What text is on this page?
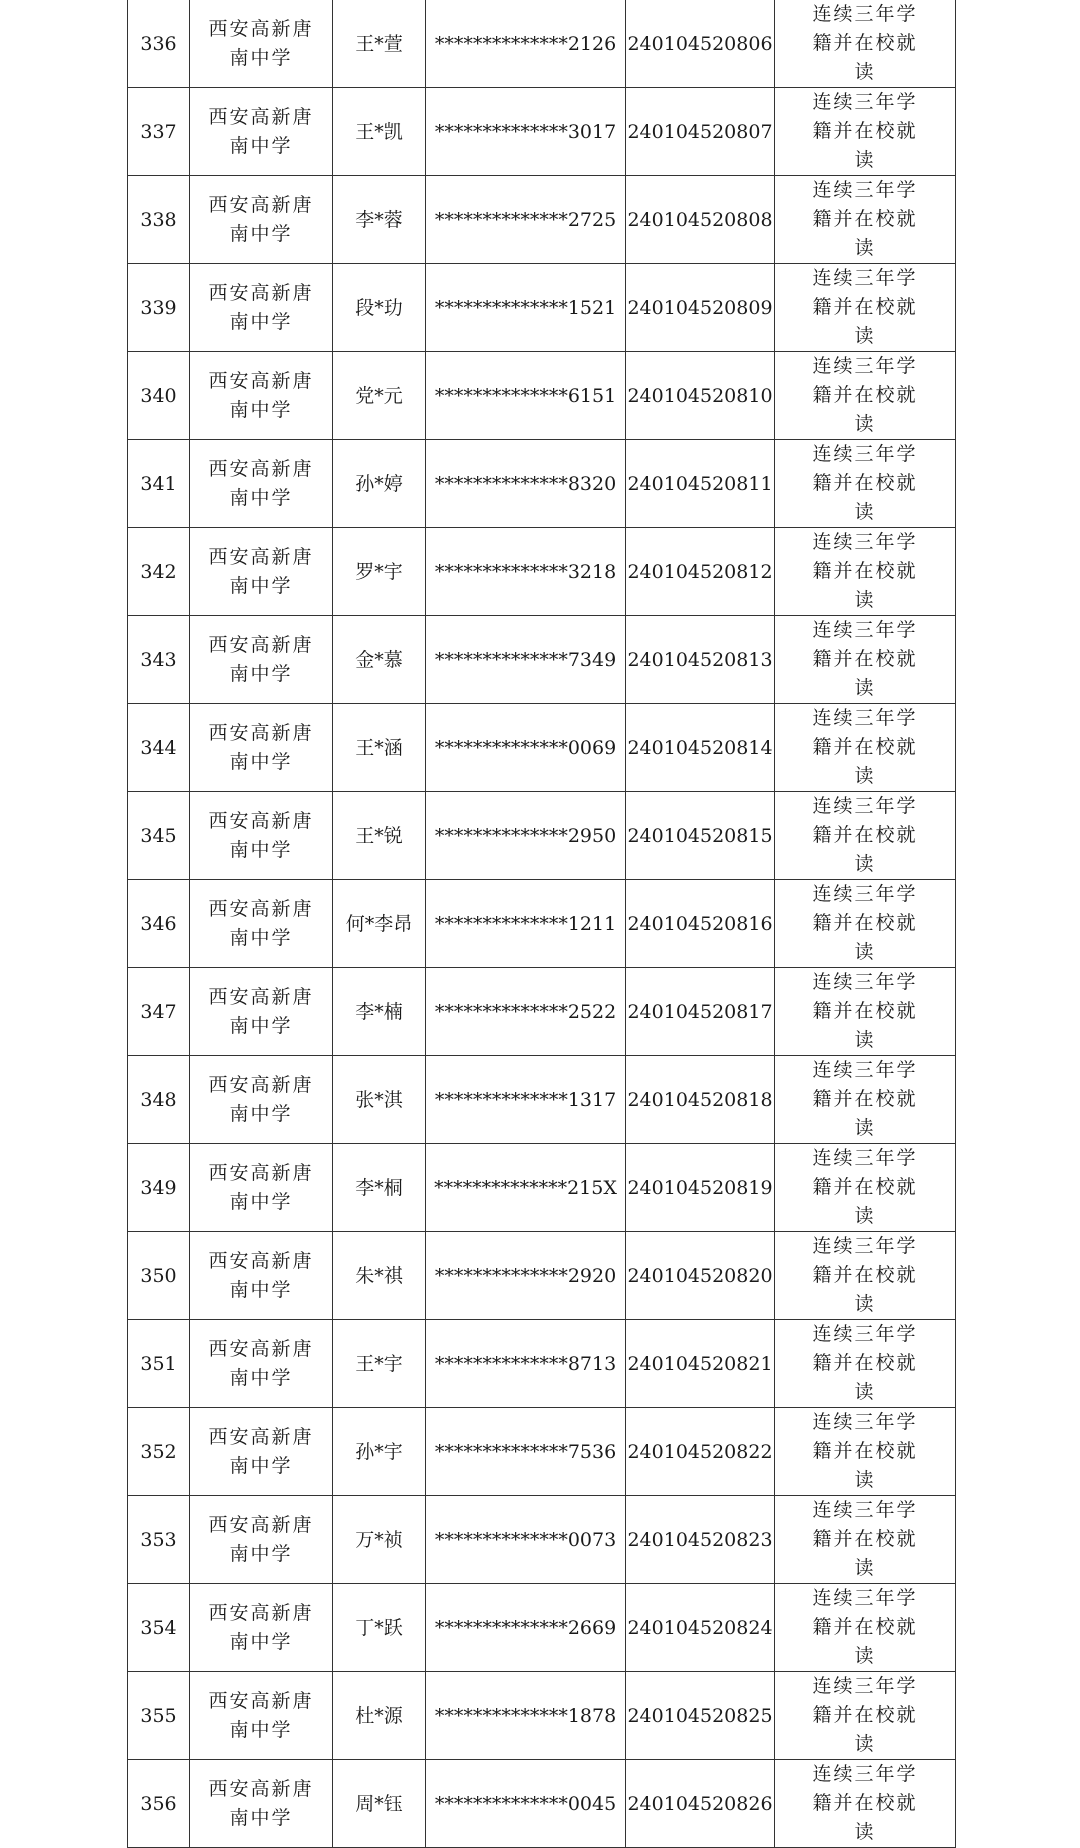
336	西安高新唐南中学	王*萱	**************2126	240104520806	连续三年学籍并在校就读
337	西安高新唐南中学	王*凯	**************3017	240104520807	连续三年学籍并在校就读
338	西安高新唐南中学	李*蓉	**************2725	240104520808	连续三年学籍并在校就读
339	西安高新唐南中学	段*玏	**************1521	240104520809	连续三年学籍并在校就读
340	西安高新唐南中学	党*元	**************6151	240104520810	连续三年学籍并在校就读
341	西安高新唐南中学	孙*婷	**************8320	240104520811	连续三年学籍并在校就读
342	西安高新唐南中学	罗*宇	**************3218	240104520812	连续三年学籍并在校就读
343	西安高新唐南中学	金*慕	**************7349	240104520813	连续三年学籍并在校就读
344	西安高新唐南中学	王*涵	**************0069	240104520814	连续三年学籍并在校就读
345	西安高新唐南中学	王*锐	**************2950	240104520815	连续三年学籍并在校就读
346	西安高新唐南中学	何*李昂	**************1211	240104520816	连续三年学籍并在校就读
347	西安高新唐南中学	李*楠	**************2522	240104520817	连续三年学籍并在校就读
348	西安高新唐南中学	张*淇	**************1317	240104520818	连续三年学籍并在校就读
349	西安高新唐南中学	李*桐	**************215X	240104520819	连续三年学籍并在校就读
350	西安高新唐南中学	朱*祺	**************2920	240104520820	连续三年学籍并在校就读
351	西安高新唐南中学	王*宇	**************8713	240104520821	连续三年学籍并在校就读
352	西安高新唐南中学	孙*宇	**************7536	240104520822	连续三年学籍并在校就读
353	西安高新唐南中学	万*祯	**************0073	240104520823	连续三年学籍并在校就读
354	西安高新唐南中学	丁*跃	**************2669	240104520824	连续三年学籍并在校就读
355	西安高新唐南中学	杜*源	**************1878	240104520825	连续三年学籍并在校就读
356	西安高新唐南中学	周*钰	**************0045	240104520826	连续三年学籍并在校就读
